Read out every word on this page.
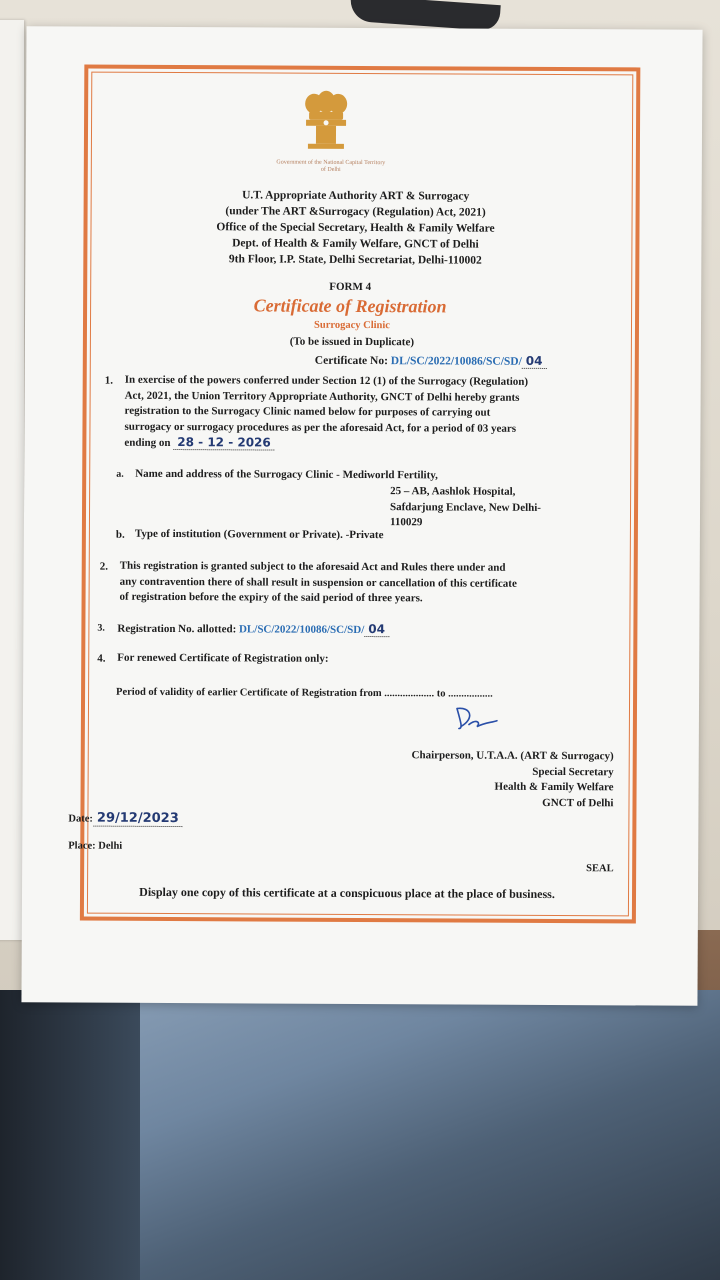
Government of the National Capital Territory of Delhi
U.T. Appropriate Authority ART & Surrogacy
(under The ART &Surrogacy (Regulation) Act, 2021)
Office of the Special Secretary, Health & Family Welfare
Dept. of Health & Family Welfare, GNCT of Delhi
9th Floor, I.P. State, Delhi Secretariat, Delhi-110002
FORM 4
Certificate of Registration
Surrogacy Clinic
(To be issued in Duplicate)
Certificate No: DL/SC/2022/10086/SC/SD/ 04
1. In exercise of the powers conferred under Section 12 (1) of the Surrogacy (Regulation)
Act, 2021, the Union Territory Appropriate Authority, GNCT of Delhi hereby grants
registration to the Surrogacy Clinic named below for purposes of carrying out
surrogacy or surrogacy procedures as per the aforesaid Act, for a period of 03 years
ending on 28 - 12 - 2026
a. Name and address of the Surrogacy Clinic - Mediworld Fertility,
25 – AB, Aashlok Hospital,
Safdarjung Enclave, New Delhi-
110029
b. Type of institution (Government or Private). -Private
2. This registration is granted subject to the aforesaid Act and Rules there under and
any contravention there of shall result in suspension or cancellation of this certificate
of registration before the expiry of the said period of three years.
3. Registration No. allotted: DL/SC/2022/10086/SC/SD/ 04
4. For renewed Certificate of Registration only:
Period of validity of earlier Certificate of Registration from ................... to .................
Chairperson, U.T.A.A. (ART & Surrogacy)
Special Secretary
Health & Family Welfare
GNCT of Delhi
Date: 29/12/2023
Place: Delhi
SEAL
Display one copy of this certificate at a conspicuous place at the place of business.
